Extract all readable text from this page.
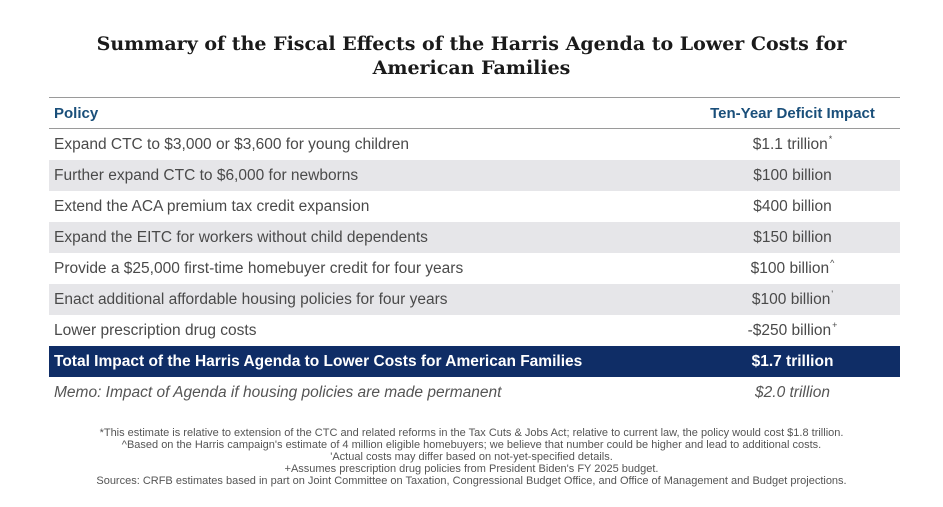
Summary of the Fiscal Effects of the Harris Agenda to Lower Costs for
American Families
Policy	Ten-Year Deficit Impact
Expand CTC to $3,000 or $3,600 for young children	$1.1 trillion*
Further expand CTC to $6,000 for newborns	$100 billion
Extend the ACA premium tax credit expansion	$400 billion
Expand the EITC for workers without child dependents	$150 billion
Provide a $25,000 first-time homebuyer credit for four years	$100 billion^
Enact additional affordable housing policies for four years	$100 billion'
Lower prescription drug costs	-$250 billion+
Total Impact of the Harris Agenda to Lower Costs for American Families	$1.7 trillion
Memo: Impact of Agenda if housing policies are made permanent	$2.0 trillion
*This estimate is relative to extension of the CTC and related reforms in the Tax Cuts & Jobs Act; relative to current law, the policy would cost $1.8 trillion.
^Based on the Harris campaign's estimate of 4 million eligible homebuyers; we believe that number could be higher and lead to additional costs.
'Actual costs may differ based on not-yet-specified details.
+Assumes prescription drug policies from President Biden's FY 2025 budget.
Sources: CRFB estimates based in part on Joint Committee on Taxation, Congressional Budget Office, and Office of Management and Budget projections.
